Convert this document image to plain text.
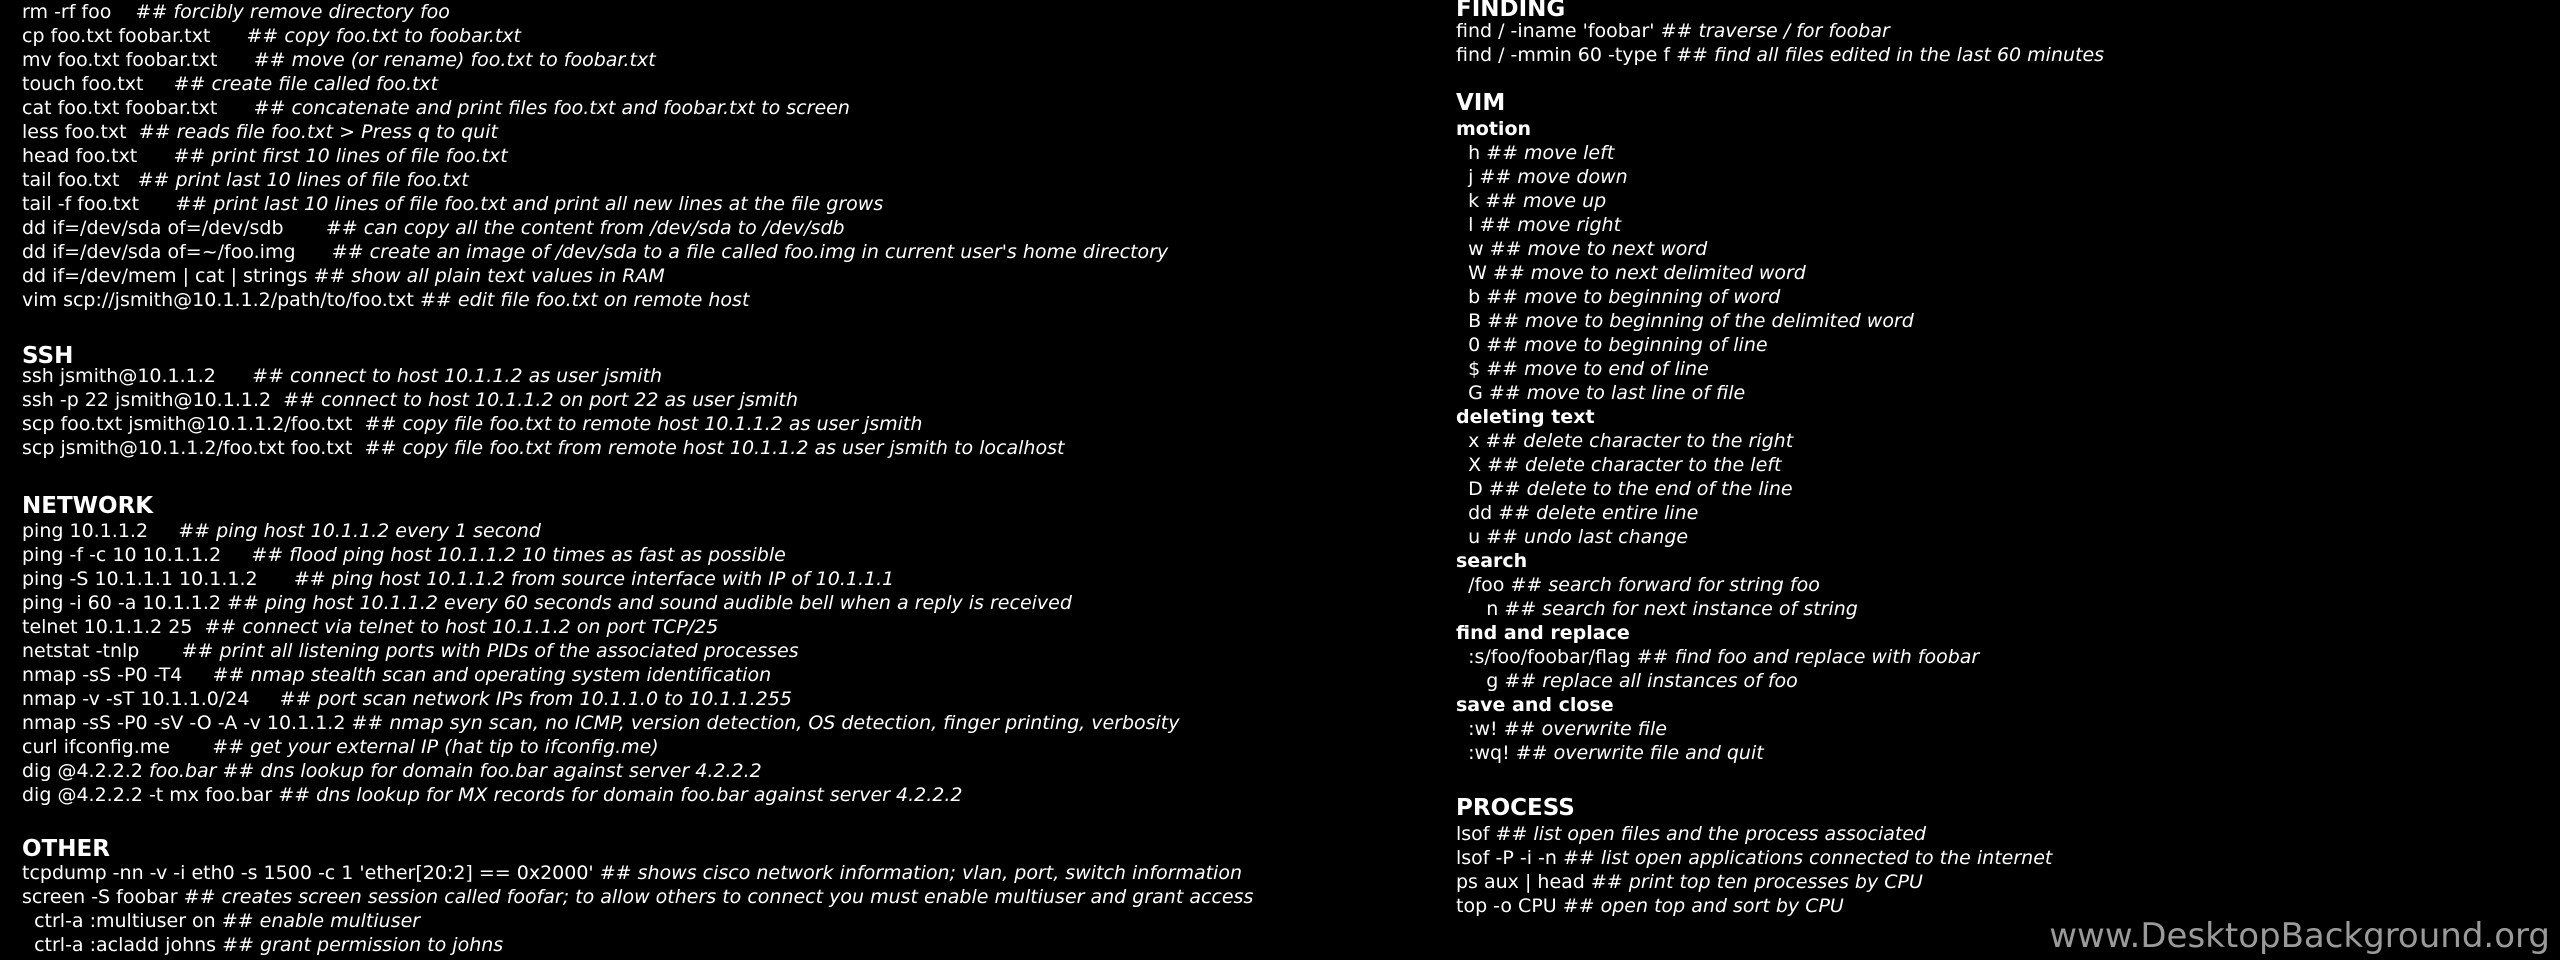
rm -rf foo ## forcibly remove directory foo
cp foo.txt foobar.txt ## copy foo.txt to foobar.txt
mv foo.txt foobar.txt ## move (or rename) foo.txt to foobar.txt
touch foo.txt ## create file called foo.txt
cat foo.txt foobar.txt ## concatenate and print files foo.txt and foobar.txt to screen
less foo.txt ## reads file foo.txt > Press q to quit
head foo.txt ## print first 10 lines of file foo.txt
tail foo.txt ## print last 10 lines of file foo.txt
tail -f foo.txt ## print last 10 lines of file foo.txt and print all new lines at the file grows
dd if=/dev/sda of=/dev/sdb ## can copy all the content from /dev/sda to /dev/sdb
dd if=/dev/sda of=~/foo.img ## create an image of /dev/sda to a file called foo.img in current user's home directory
dd if=/dev/mem | cat | strings ## show all plain text values in RAM
vim scp://jsmith@10.1.1.2/path/to/foo.txt ## edit file foo.txt on remote host
SSH
ssh jsmith@10.1.1.2 ## connect to host 10.1.1.2 as user jsmith
ssh -p 22 jsmith@10.1.1.2 ## connect to host 10.1.1.2 on port 22 as user jsmith
scp foo.txt jsmith@10.1.1.2/foo.txt ## copy file foo.txt to remote host 10.1.1.2 as user jsmith
scp jsmith@10.1.1.2/foo.txt foo.txt ## copy file foo.txt from remote host 10.1.1.2 as user jsmith to localhost
NETWORK
ping 10.1.1.2 ## ping host 10.1.1.2 every 1 second
ping -f -c 10 10.1.1.2 ## flood ping host 10.1.1.2 10 times as fast as possible
ping -S 10.1.1.1 10.1.1.2 ## ping host 10.1.1.2 from source interface with IP of 10.1.1.1
ping -i 60 -a 10.1.1.2 ## ping host 10.1.1.2 every 60 seconds and sound audible bell when a reply is received
telnet 10.1.1.2 25 ## connect via telnet to host 10.1.1.2 on port TCP/25
netstat -tnlp ## print all listening ports with PIDs of the associated processes
nmap -sS -P0 -T4 ## nmap stealth scan and operating system identification
nmap -v -sT 10.1.1.0/24 ## port scan network IPs from 10.1.1.0 to 10.1.1.255
nmap -sS -P0 -sV -O -A -v 10.1.1.2 ## nmap syn scan, no ICMP, version detection, OS detection, finger printing, verbosity
curl ifconfig.me ## get your external IP (hat tip to ifconfig.me)
dig @4.2.2.2 foo.bar ## dns lookup for domain foo.bar against server 4.2.2.2
dig @4.2.2.2 -t mx foo.bar ## dns lookup for MX records for domain foo.bar against server 4.2.2.2
OTHER
tcpdump -nn -v -i eth0 -s 1500 -c 1 'ether[20:2] == 0x2000' ## shows cisco network information; vlan, port, switch information
screen -S foobar ## creates screen session called foofar; to allow others to connect you must enable multiuser and grant access
ctrl-a :multiuser on ## enable multiuser
ctrl-a :acladd johns ## grant permission to johns
FINDING
find / -iname 'foobar' ## traverse / for foobar
find / -mmin 60 -type f ## find all files edited in the last 60 minutes
VIM
motion
h ## move left
j ## move down
k ## move up
l ## move right
w ## move to next word
W ## move to next delimited word
b ## move to beginning of word
B ## move to beginning of the delimited word
0 ## move to beginning of line
$ ## move to end of line
G ## move to last line of file
deleting text
x ## delete character to the right
X ## delete character to the left
D ## delete to the end of the line
dd ## delete entire line
u ## undo last change
search
/foo ## search forward for string foo
n ## search for next instance of string
find and replace
:s/foo/foobar/flag ## find foo and replace with foobar
g ## replace all instances of foo
save and close
:w! ## overwrite file
:wq! ## overwrite file and quit
PROCESS
lsof ## list open files and the process associated
lsof -P -i -n ## list open applications connected to the internet
ps aux | head ## print top ten processes by CPU
top -o CPU ## open top and sort by CPU
www.DesktopBackground.org
